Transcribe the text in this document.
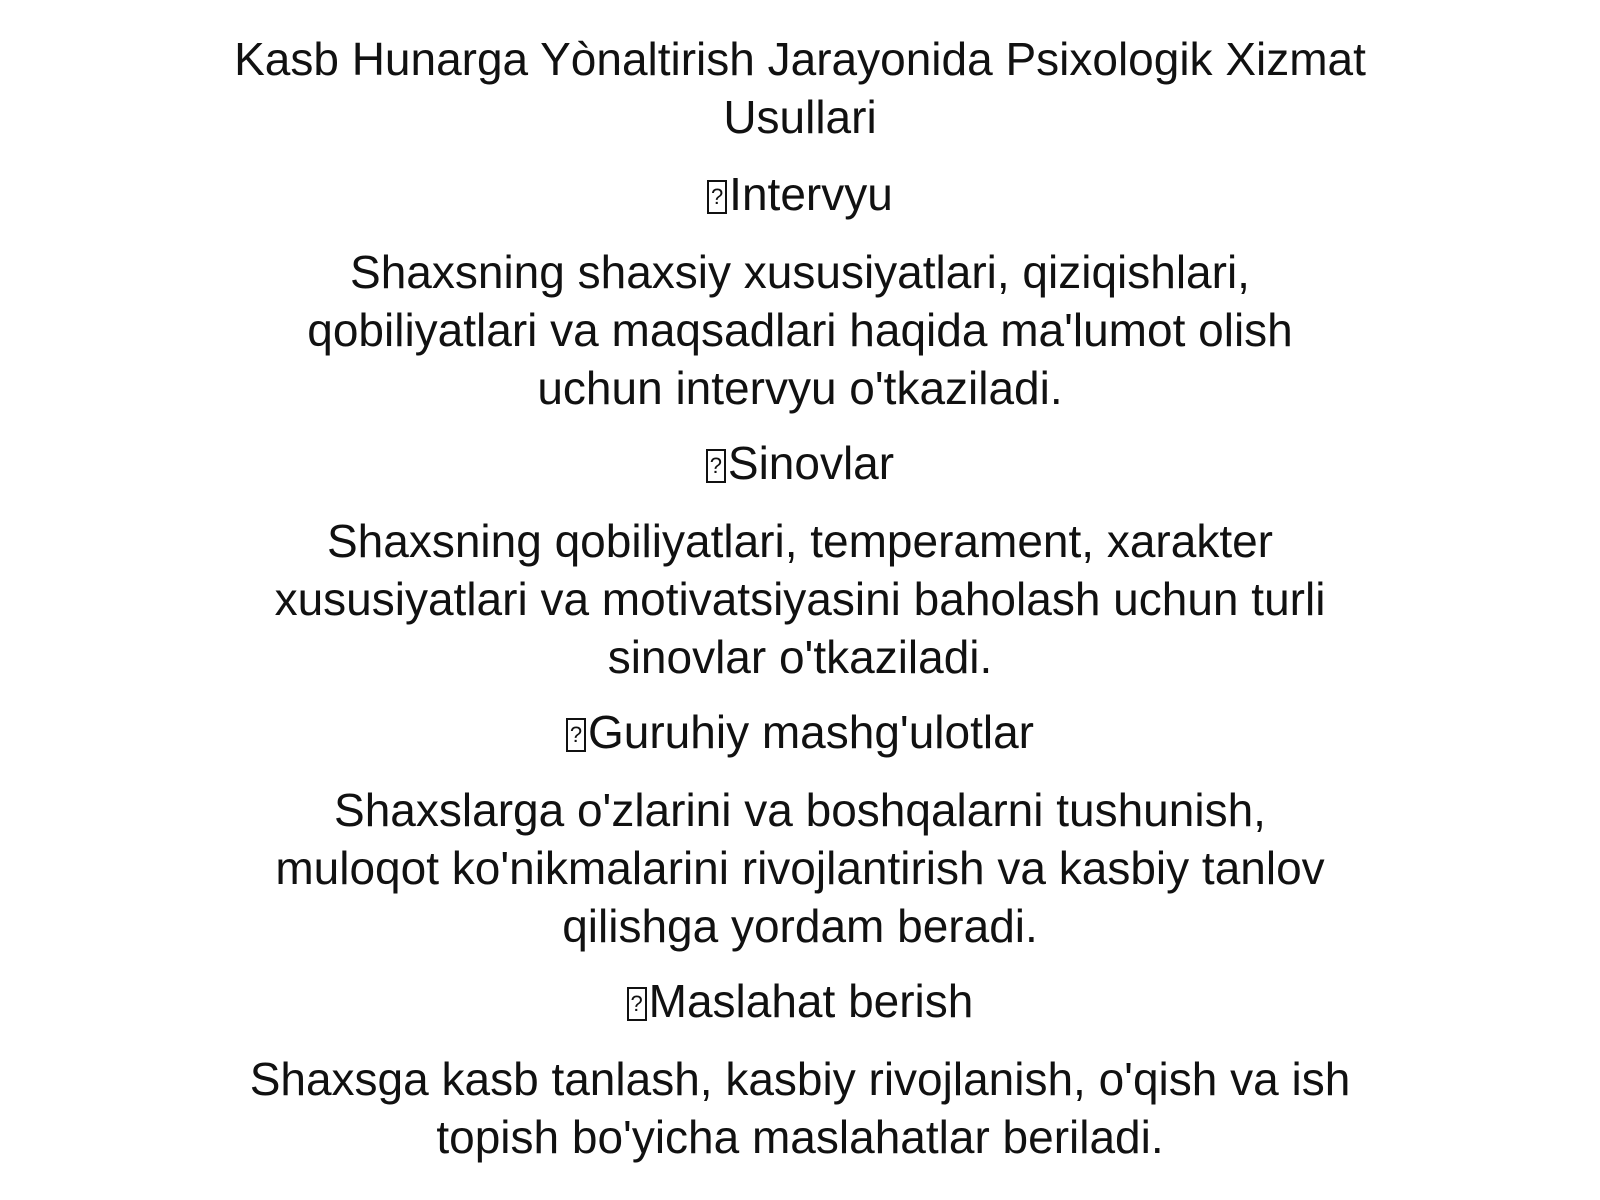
Kasb Hunarga Yònaltirish Jarayonida Psixologik Xizmat
Usullari
?Intervyu

Shaxsning shaxsiy xususiyatlari, qiziqishlari,
qobiliyatlari va maqsadlari haqida ma'lumot olish
uchun intervyu o'tkaziladi.

?Sinovlar

Shaxsning qobiliyatlari, temperament, xarakter
xususiyatlari va motivatsiyasini baholash uchun turli
sinovlar o'tkaziladi.

?Guruhiy mashg'ulotlar

Shaxslarga o'zlarini va boshqalarni tushunish,
muloqot ko'nikmalarini rivojlantirish va kasbiy tanlov
qilishga yordam beradi.

?Maslahat berish

Shaxsga kasb tanlash, kasbiy rivojlanish, o'qish va ish
topish bo'yicha maslahatlar beriladi.
